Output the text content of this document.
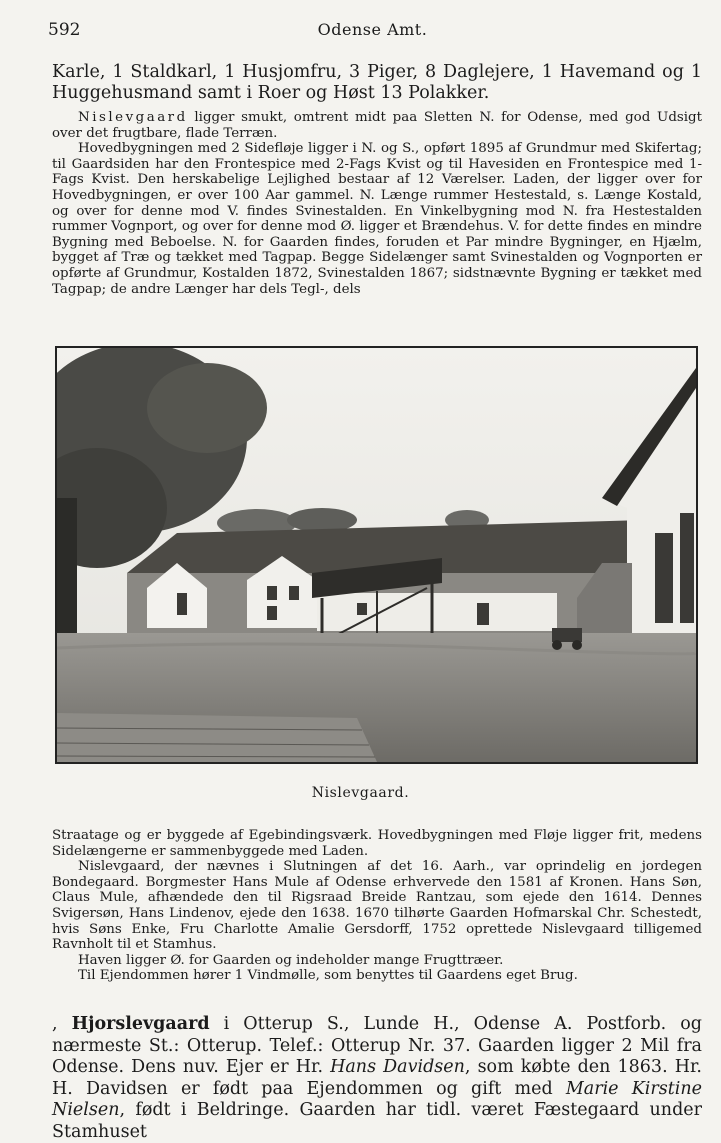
592	Odense Amt.

Karle, 1 Staldkarl, 1 Husjomfru, 3 Piger, 8 Daglejere, 1 Havemand og 1 Huggehusmand samt i Roer og Høst 13 Polakker.

Nislevgaard ligger smukt, omtrent midt paa Sletten N. for Odense, med god Udsigt over det frugtbare, flade Terræn.

Hovedbygningen med 2 Sidefløje ligger i N. og S., opført 1895 af Grundmur med Skifertag; til Gaardsiden har den Frontespice med 2-Fags Kvist og til Havesiden en Frontespice med 1-Fags Kvist. Den herskabelige Lejlighed bestaar af 12 Værelser. Laden, der ligger over for Hovedbygningen, er over 100 Aar gammel. N. Længe rummer Hestestald, s. Længe Kostald, og over for denne mod V. findes Svinestalden. En Vinkelbygning mod N. fra Hestestalden rummer Vognport, og over for denne mod Ø. ligger et Brændehus. V. for dette findes en mindre Bygning med Beboelse. N. for Gaarden findes, foruden et Par mindre Bygninger, en Hjælm, bygget af Træ og tækket med Tagpap. Begge Sidelænger samt Svinestalden og Vognporten er opførte af Grundmur, Kostalden 1872, Svinestalden 1867; sidstnævnte Bygning er tækket med Tagpap; de andre Længer har dels Tegl-, dels

Nislevgaard.

Straatage og er byggede af Egebindingsværk. Hovedbygningen med Fløje ligger frit, medens Sidelængerne er sammenbyggede med Laden.

Nislevgaard, der nævnes i Slutningen af det 16. Aarh., var oprindelig en jordegen Bondegaard. Borgmester Hans Mule af Odense erhvervede den 1581 af Kronen. Hans Søn, Claus Mule, afhændede den til Rigsraad Breide Rantzau, som ejede den 1614. Dennes Svigersøn, Hans Lindenov, ejede den 1638. 1670 tilhørte Gaarden Hofmarskal Chr. Schestedt, hvis Søns Enke, Fru Charlotte Amalie Gersdorff, 1752 oprettede Nislevgaard tilligemed Ravnholt til et Stamhus.

Haven ligger Ø. for Gaarden og indeholder mange Frugttræer.

Til Ejendommen hører 1 Vindmølle, som benyttes til Gaardens eget Brug.

, Hjorslevgaard i Otterup S., Lunde H., Odense A. Postforb. og nærmeste St.: Otterup. Telef.: Otterup Nr. 37. Gaarden ligger 2 Mil fra Odense. Dens nuv. Ejer er Hr. Hans Davidsen, som købte den 1863. Hr. H. Davidsen er født paa Ejendommen og gift med Marie Kirstine Nielsen, født i Beldringe. Gaarden har tidl. været Fæstegaard under Stamhuset
